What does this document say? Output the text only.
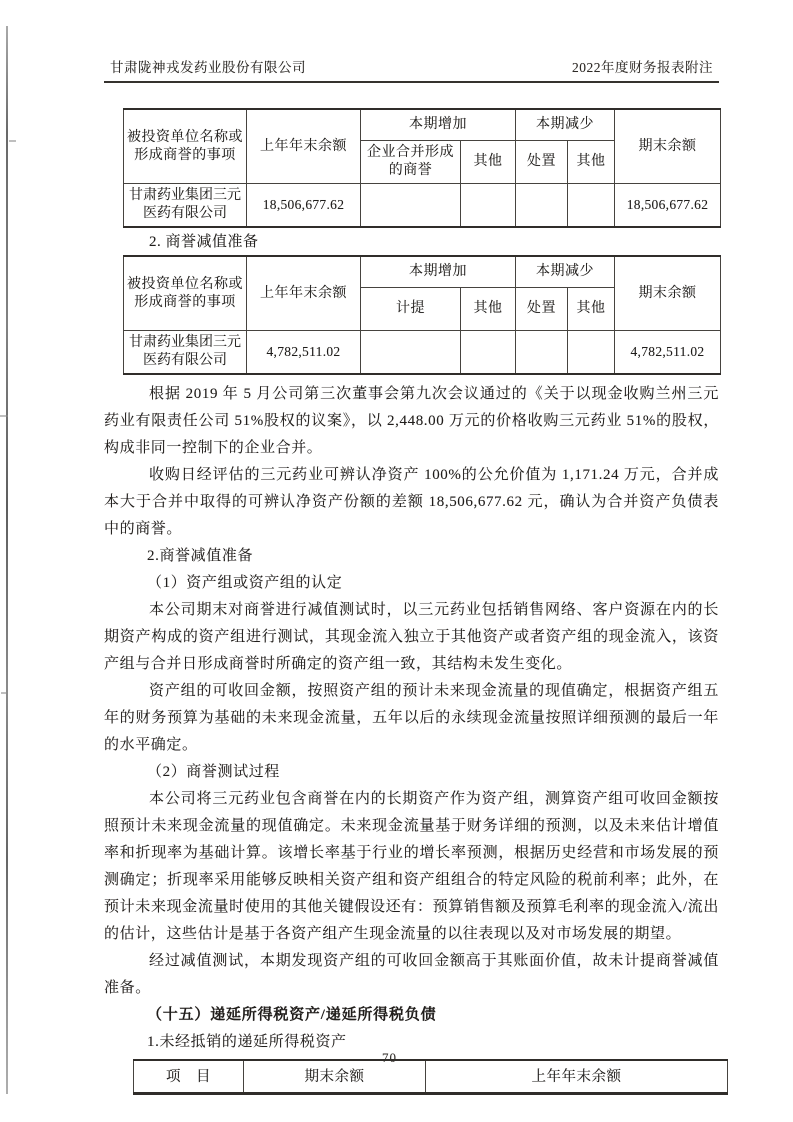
甘肃陇神戎发药业股份有限公司	2022年度财务报表附注
被投资单位名称或形成商誉的事项	上年年末余额	本期增加		本期减少		期末余额
		企业合并形成的商誉	其他	处置	其他	
甘肃药业集团三元医药有限公司	18,506,677.62					18,506,677.62
2. 商誉减值准备
被投资单位名称或形成商誉的事项	上年年末余额	本期增加		本期减少		期末余额
		计提	其他	处置	其他	
甘肃药业集团三元医药有限公司	4,782,511.02					4,782,511.02

根据 2019 年 5 月公司第三次董事会第九次会议通过的《关于以现金收购兰州三元药业有限责任公司 51%股权的议案》，以 2,448.00 万元的价格收购三元药业 51%的股权，构成非同一控制下的企业合并。

收购日经评估的三元药业可辨认净资产 100%的公允价值为 1,171.24 万元，合并成本大于合并中取得的可辨认净资产份额的差额 18,506,677.62 元，确认为合并资产负债表中的商誉。

2.商誉减值准备

（1）资产组或资产组的认定

本公司期末对商誉进行减值测试时，以三元药业包括销售网络、客户资源在内的长期资产构成的资产组进行测试，其现金流入独立于其他资产或者资产组的现金流入，该资产组与合并日形成商誉时所确定的资产组一致，其结构未发生变化。

资产组的可收回金额，按照资产组的预计未来现金流量的现值确定，根据资产组五年的财务预算为基础的未来现金流量，五年以后的永续现金流量按照详细预测的最后一年的水平确定。

（2）商誉测试过程

本公司将三元药业包含商誉在内的长期资产作为资产组，测算资产组可收回金额按照预计未来现金流量的现值确定。未来现金流量基于财务详细的预测，以及未来估计增值率和折现率为基础计算。该增长率基于行业的增长率预测，根据历史经营和市场发展的预测确定；折现率采用能够反映相关资产组和资产组组合的特定风险的税前利率；此外，在预计未来现金流量时使用的其他关键假设还有：预算销售额及预算毛利率的现金流入/流出的估计，这些估计是基于各资产组产生现金流量的以往表现以及对市场发展的期望。

经过减值测试，本期发现资产组的可收回金额高于其账面价值，故未计提商誉减值准备。

（十五）递延所得税资产/递延所得税负债

1.未经抵销的递延所得税资产

项　目	期末余额	上年年末余额
70
